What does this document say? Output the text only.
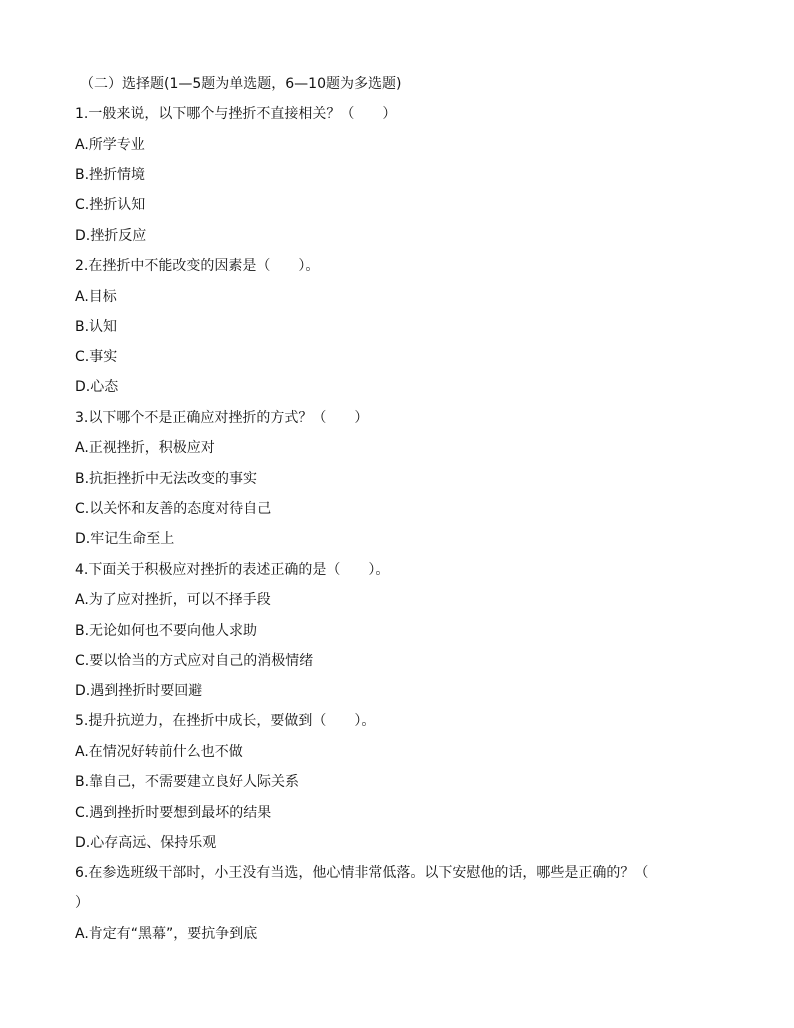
（二）选择题(1—5题为单选题，6—10题为多选题)
1.一般来说，以下哪个与挫折不直接相关？（　　）
A.所学专业
B.挫折情境
C.挫折认知
D.挫折反应
2.在挫折中不能改变的因素是（　　）。
A.目标
B.认知
C.事实
D.心态
3.以下哪个不是正确应对挫折的方式？（　　）
A.正视挫折，积极应对
B.抗拒挫折中无法改变的事实
C.以关怀和友善的态度对待自己
D.牢记生命至上
4.下面关于积极应对挫折的表述正确的是（　　）。
A.为了应对挫折，可以不择手段
B.无论如何也不要向他人求助
C.要以恰当的方式应对自己的消极情绪
D.遇到挫折时要回避
5.提升抗逆力，在挫折中成长，要做到（　　）。
A.在情况好转前什么也不做
B.靠自己，不需要建立良好人际关系
C.遇到挫折时要想到最坏的结果
D.心存高远、保持乐观
6.在参选班级干部时，小王没有当选，他心情非常低落。以下安慰他的话，哪些是正确的？（
）
A.肯定有“黑幕”，要抗争到底
